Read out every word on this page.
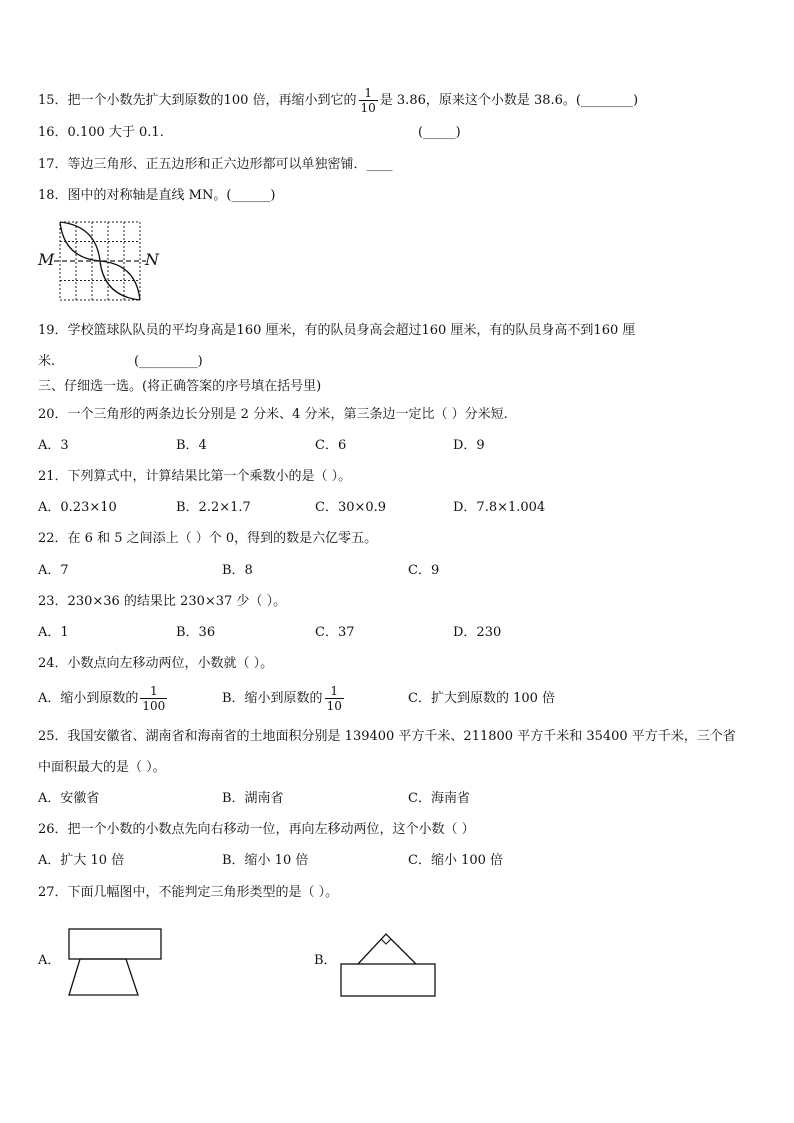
15．把一个小数先扩大到原数的100 倍，再缩小到它的 $\frac{1}{10}$ 是 3.86，原来这个小数是 38.6。(________)
16．0.100 大于 0.1.	(_____)
17．等边三角形、正五边形和正六边形都可以单独密铺．____
18．图中的对称轴是直线 MN。(______)
M	N
19．学校篮球队队员的平均身高是160 厘米，有的队员身高会超过160 厘米，有的队员身高不到160 厘
米.	(_________)
三、仔细选一选。(将正确答案的序号填在括号里)
20．一个三角形的两条边长分别是 2 分米、4 分米，第三条边一定比（ ）分米短.
A．3	B．4	C．6	D．9
21．下列算式中，计算结果比第一个乘数小的是（ ）。
A．0.23×10	B．2.2×1.7	C．30×0.9	D．7.8×1.004
22．在 6 和 5 之间添上（ ）个 0，得到的数是六亿零五。
A．7	B．8	C．9
23．230×36 的结果比 230×37 少（ ）。
A．1	B．36	C．37	D．230
24．小数点向左移动两位，小数就（ ）。
A．缩小到原数的 $\frac{1}{100}$	B．缩小到原数的 $\frac{1}{10}$	C．扩大到原数的 100 倍
25．我国安徽省、湖南省和海南省的土地面积分别是 139400 平方千米、211800 平方千米和 35400 平方千米，三个省
中面积最大的是（ ）。
A．安徽省	B．湖南省	C．海南省
26．把一个小数的小数点先向右移动一位，再向左移动两位，这个小数（ ）
A．扩大 10 倍	B．缩小 10 倍	C．缩小 100 倍
27．下面几幅图中，不能判定三角形类型的是（ ）。
A．	B．
